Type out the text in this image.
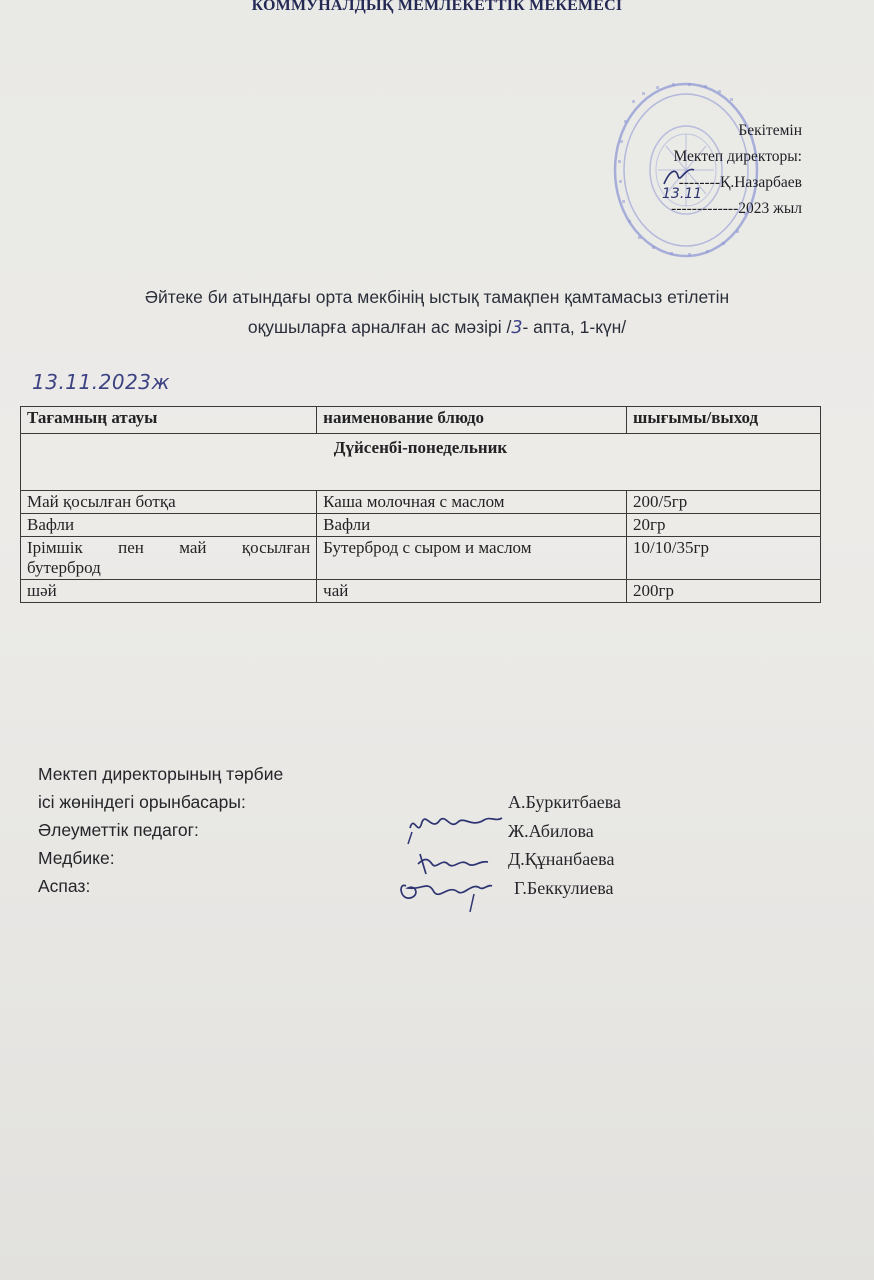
КОММУНАЛДЫҚ МЕМЛЕКЕТТІК МЕКЕМЕСІ
Бекітемін
Мектеп директоры:
--------Қ.Назарбаев
-------------2023 жыл
13.11
Әйтеке би атындағы орта мекбінің ыстық тамақпен қамтамасыз етілетін
оқушыларға арналған ас мәзірі /3- апта, 1-күн/
13.11.2023ж
Тағамның атауы	наименование блюдо	шығымы/выход
Дүйсенбі-понедельник		
Май қосылған ботқа	Каша молочная с маслом	200/5гр
Вафли	Вафли	20гр
Ірімшік пен май қосылған
бутерброд	Бутерброд с сыром и маслом	10/10/35гр
шәй	чай	200гр
Мектеп директорының тәрбие
ісі жөніндегі орынбасары:
Әлеуметтік педагог:
Медбике:
Аспаз:
А.Буркитбаева
Ж.Абилова
Д.Құнанбаева
Г.Беккулиева
